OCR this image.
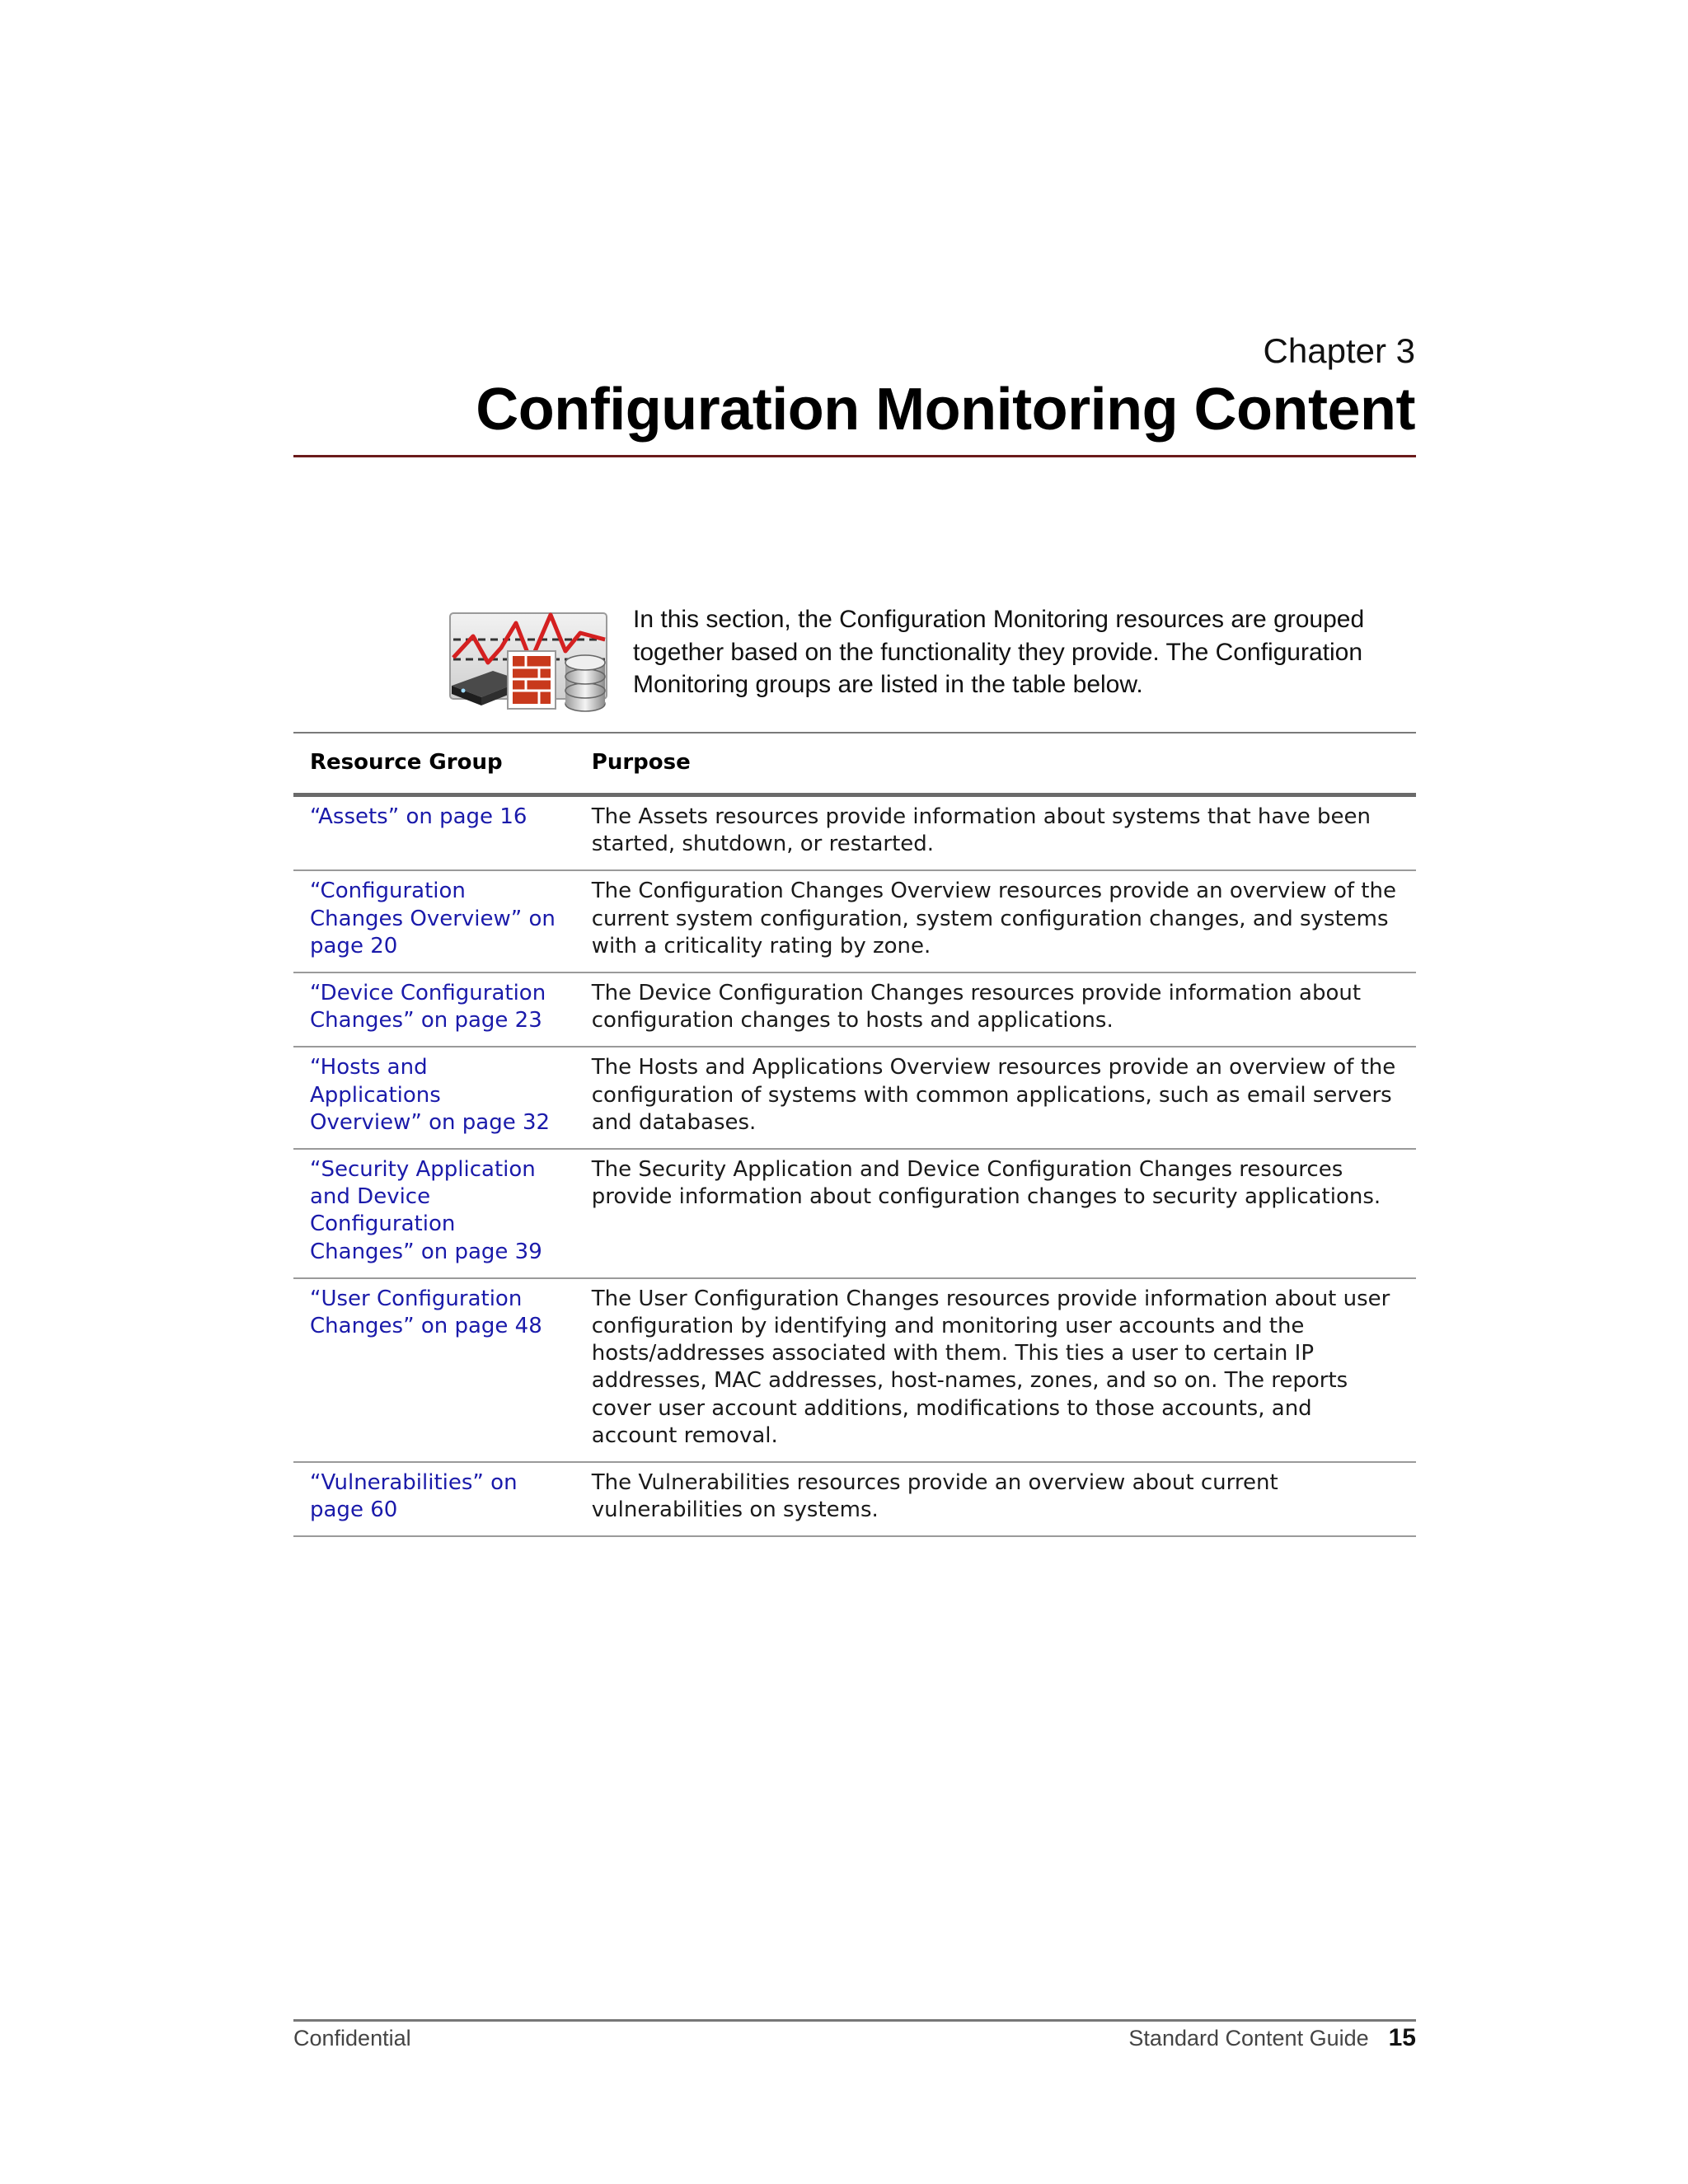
Chapter 3
Configuration Monitoring Content
In this section, the Configuration Monitoring resources are grouped together based on the functionality they provide. The Configuration Monitoring groups are listed in the table below.
Resource Group	Purpose
“Assets” on page 16	The Assets resources provide information about systems that have been started, shutdown, or restarted.
“Configuration Changes Overview” on page 20	The Configuration Changes Overview resources provide an overview of the current system configuration, system configuration changes, and systems with a criticality rating by zone.
“Device Configuration Changes” on page 23	The Device Configuration Changes resources provide information about configuration changes to hosts and applications.
“Hosts and Applications Overview” on page 32	The Hosts and Applications Overview resources provide an overview of the configuration of systems with common applications, such as email servers and databases.
“Security Application and Device Configuration Changes” on page 39	The Security Application and Device Configuration Changes resources provide information about configuration changes to security applications.
“User Configuration Changes” on page 48	The User Configuration Changes resources provide information about user configuration by identifying and monitoring user accounts and the hosts/addresses associated with them. This ties a user to certain IP addresses, MAC addresses, host-names, zones, and so on. The reports cover user account additions, modifications to those accounts, and account removal.
“Vulnerabilities” on page 60	The Vulnerabilities resources provide an overview about current vulnerabilities on systems.
Confidential	Standard Content Guide 15
